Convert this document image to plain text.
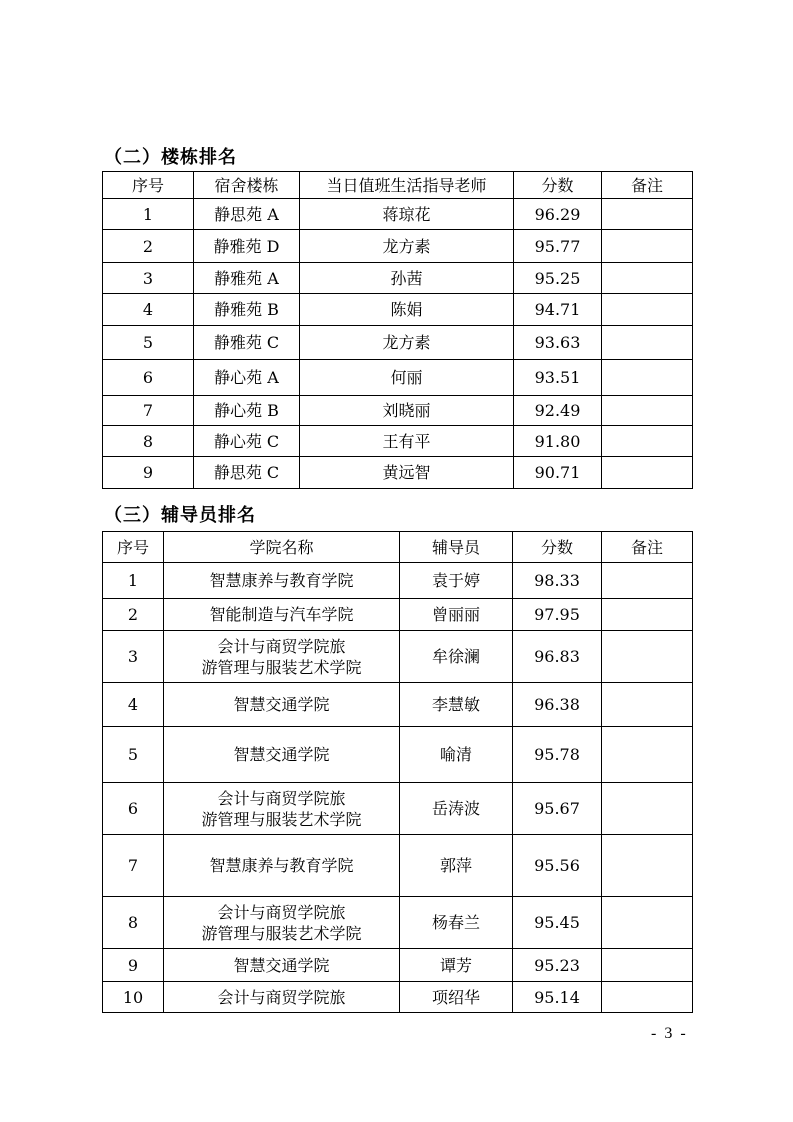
（二）楼栋排名
序号	宿舍楼栋	当日值班生活指导老师	分数	备注
1	静思苑 A	蒋琼花	96.29	
2	静雅苑 D	龙方素	95.77	
3	静雅苑 A	孙茜	95.25	
4	静雅苑 B	陈娟	94.71	
5	静雅苑 C	龙方素	93.63	
6	静心苑 A	何丽	93.51	
7	静心苑 B	刘晓丽	92.49	
8	静心苑 C	王有平	91.80	
9	静思苑 C	黄远智	90.71	
（三）辅导员排名
序号	学院名称	辅导员	分数	备注
1	智慧康养与教育学院	袁于婷	98.33	
2	智能制造与汽车学院	曾丽丽	97.95	
3	会计与商贸学院旅
游管理与服装艺术学院	牟徐澜	96.83	
4	智慧交通学院	李慧敏	96.38	
5	智慧交通学院	喻清	95.78	
6	会计与商贸学院旅
游管理与服装艺术学院	岳涛波	95.67	
7	智慧康养与教育学院	郭萍	95.56	
8	会计与商贸学院旅
游管理与服装艺术学院	杨春兰	95.45	
9	智慧交通学院	谭芳	95.23	
10	会计与商贸学院旅	项绍华	95.14	
- 3 -
